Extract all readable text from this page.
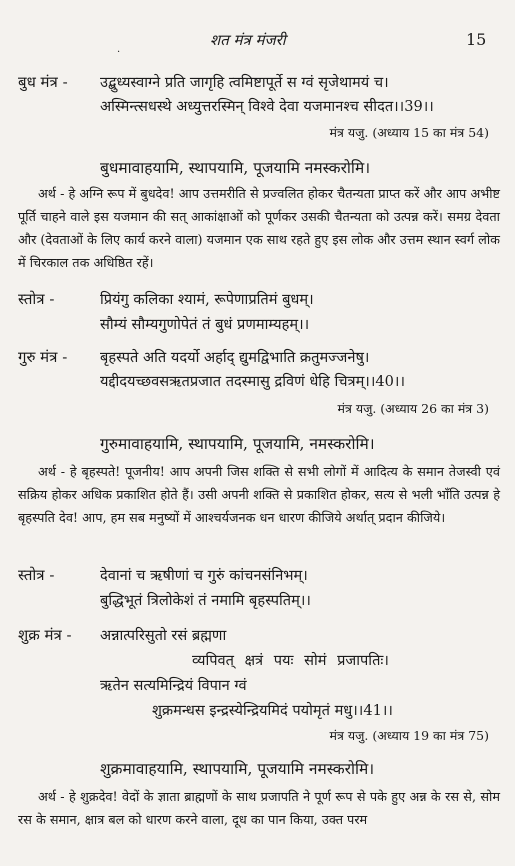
.
शत मंत्र मंजरी	15
बुध मंत्र - उद्बुध्यस्वाग्ने प्रति जागृहि त्वमिष्टापूर्ते स ग्वं सृजेथामयं च।
अस्मिन्त्सधस्थे अध्युत्तरस्मिन् विश्वे देवा यजमानश्च सीदत।।39।।
मंत्र यजु. (अध्याय 15 का मंत्र 54)
बुधमावाहयामि, स्थापयामि, पूजयामि नमस्करोमि।
अर्थ - हे अग्नि रूप में बुधदेव! आप उत्तमरीति से प्रज्वलित होकर चैतन्यता प्राप्त करें और आप अभीष्ट पूर्ति चाहने वाले इस यजमान की सत् आकांक्षाओं को पूर्णकर उसकी चैतन्यता को उत्पन्न करें। समग्र देवता और (देवताओं के लिए कार्य करने वाला) यजमान एक साथ रहते हुए इस लोक और उत्तम स्थान स्वर्ग लोक में चिरकाल तक अधिष्ठित रहें।
स्तोत्र -	प्रियंगु कलिका श्यामं, रूपेणाप्रतिमं बुधम्।
सौम्यं सौम्यगुणोपेतं तं बुधं प्रणमाम्यहम्।।
गुरु मंत्र - बृहस्पते अति यदर्यो अर्हाद् द्युमद्विभाति क्रतुमज्जनेषु।
यद्दीदयच्छवसऋतप्रजात तदस्मासु द्रविणं धेहि चित्रम्।।40।।
मंत्र यजु. (अध्याय 26 का मंत्र 3)
गुरुमावाहयामि, स्थापयामि, पूजयामि, नमस्करोमि।
अर्थ - हे बृहस्पते! पूजनीय! आप अपनी जिस शक्ति से सभी लोगों में आदित्य के समान तेजस्वी एवं सक्रिय होकर अधिक प्रकाशित होते हैं। उसी अपनी शक्ति से प्रकाशित होकर, सत्य से भली भाँति उत्पन्न हे बृहस्पति देव! आप, हम सब मनुष्यों में आश्चर्यजनक धन धारण कीजिये अर्थात् प्रदान कीजिये।
स्तोत्र -	देवानां च ऋषीणां च गुरुं कांचनसंनिभम्।
बुद्धिभूतं त्रिलोकेशं तं नमामि बृहस्पतिम्।।
शुक्र मंत्र - अन्नात्परिसुतो रसं ब्रह्मणा
व्यपिवत् क्षत्रं पयः सोमं प्रजापतिः।
ऋतेन सत्यमिन्द्रियं विपान ग्वं
शुक्रमन्धस इन्द्रस्येन्द्रियमिदं पयोमृतं मधु।।41।।
मंत्र यजु. (अध्याय 19 का मंत्र 75)
शुक्रमावाहयामि, स्थापयामि, पूजयामि नमस्करोमि।
अर्थ - हे शुक्रदेव! वेदों के ज्ञाता ब्राह्मणों के साथ प्रजापति ने पूर्ण रूप से पके हुए अन्न के रस से, सोम रस के समान, क्षात्र बल को धारण करने वाला, दूध का पान किया, उक्त परम
